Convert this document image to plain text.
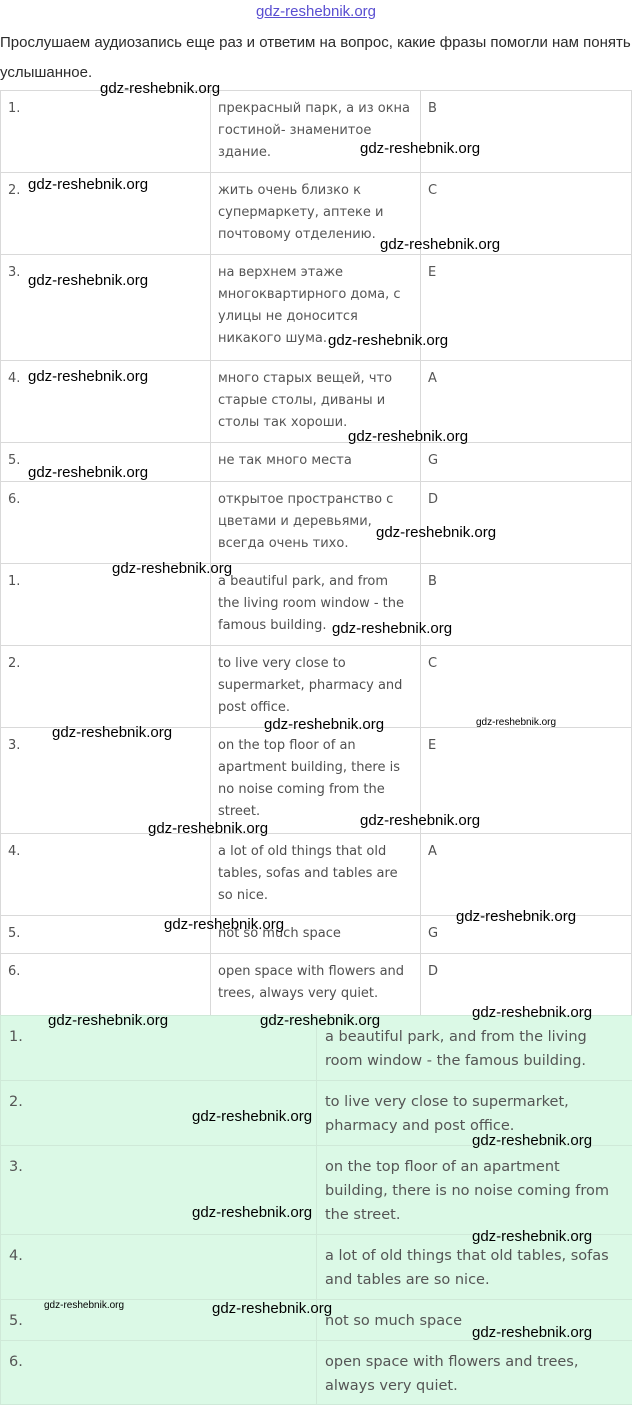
gdz-reshebnik.org
Прослушаем аудиозапись еще раз и ответим на вопрос, какие фразы помогли нам понять услышанное.
1.	прекрасный парк, а из окна гостиной- знаменитое здание.	B
2.	жить очень близко к супермаркету, аптеке и почтовому отделению.	C
3.	на верхнем этаже многоквартирного дома, с улицы не доносится никакого шума.	E
4.	много старых вещей, что старые столы, диваны и столы так хороши.	A
5.	не так много места	G
6.	открытое пространство с цветами и деревьями, всегда очень тихо.	D
1.	a beautiful park, and from the living room window - the famous building.	B
2.	to live very close to supermarket, pharmacy and post office.	C
3.	on the top floor of an apartment building, there is no noise coming from the street.	E
4.	a lot of old things that old tables, sofas and tables are so nice.	A
5.	not so much space	G
6.	open space with flowers and trees, always very quiet.	D
1.	a beautiful park, and from the living room window - the famous building.
2.	to live very close to supermarket, pharmacy and post office.
3.	on the top floor of an apartment building, there is no noise coming from the street.
4.	a lot of old things that old tables, sofas and tables are so nice.
5.	not so much space
6.	open space with flowers and trees, always very quiet.
gdz-reshebnik.org
gdz-reshebnik.org
gdz-reshebnik.org
gdz-reshebnik.org
gdz-reshebnik.org
gdz-reshebnik.org
gdz-reshebnik.org
gdz-reshebnik.org
gdz-reshebnik.org
gdz-reshebnik.org
gdz-reshebnik.org
gdz-reshebnik.org
gdz-reshebnik.org	gdz-reshebnik.org
gdz-reshebnik.org
gdz-reshebnik.org
gdz-reshebnik.org
gdz-reshebnik.org
gdz-reshebnik.org
gdz-reshebnik.org
gdz-reshebnik.org	gdz-reshebnik.org
gdz-reshebnik.org
gdz-reshebnik.org
gdz-reshebnik.org
gdz-reshebnik.org
gdz-reshebnik.org	gdz-reshebnik.org
gdz-reshebnik.org
